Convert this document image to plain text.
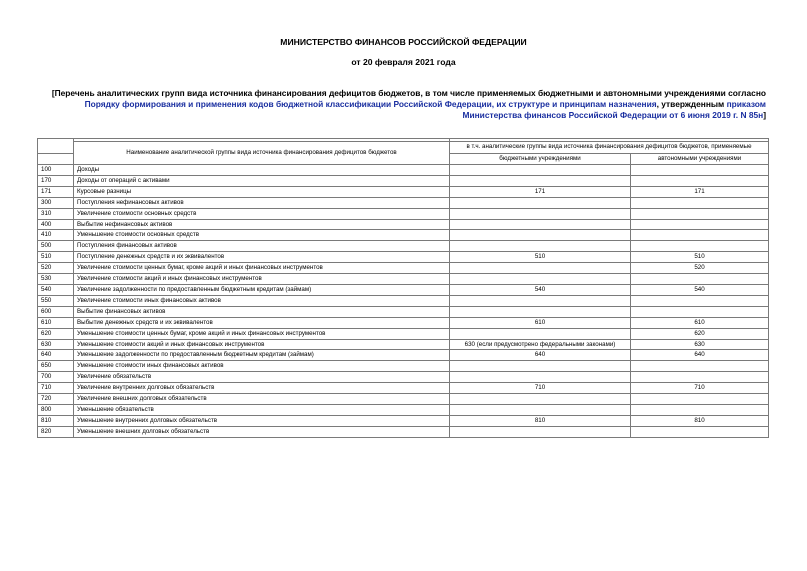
МИНИСТЕРСТВО ФИНАНСОВ РОССИЙСКОЙ ФЕДЕРАЦИИ
от 20 февраля 2021 года
[Перечень аналитических групп вида источника финансирования дефицитов бюджетов, в том числе применяемых бюджетными и автономными учреждениями согласно Порядку формирования и применения кодов бюджетной классификации Российской Федерации, их структуре и принципам назначения, утвержденным приказом Министерства финансов Российской Федерации от 6 июня 2019 г. N 85н]

	Наименование аналитической группы вида источника финансирования дефицитов бюджетов	в т.ч. аналитические группы вида источника финансирования дефицитов бюджетов, применяемые	
		бюджетными учреждениями	автономными учреждениями
100	Доходы		
170	Доходы от операций с активами		
171	Курсовые разницы	171	171
300	Поступления нефинансовых активов		
310	Увеличение стоимости основных средств		
400	Выбытие нефинансовых активов		
410	Уменьшение стоимости основных средств		
500	Поступления финансовых активов		
510	Поступление денежных средств и их эквивалентов	510	510
520	Увеличение стоимости ценных бумаг, кроме акций и иных финансовых инструментов		520
530	Увеличение стоимости акций и иных финансовых инструментов		
540	Увеличение задолженности по предоставленным бюджетным кредитам (займам)	540	540
550	Увеличение стоимости иных финансовых активов		
600	Выбытие финансовых активов		
610	Выбытие денежных средств и их эквивалентов	610	610
620	Уменьшение стоимости ценных бумаг, кроме акций и иных финансовых инструментов		620
630	Уменьшение стоимости акций и иных финансовых инструментов	630 (если предусмотрено федеральными законами)	630
640	Уменьшение задолженности по предоставленным бюджетным кредитам (займам)	640	640
650	Уменьшение стоимости иных финансовых активов		
700	Увеличение обязательств		
710	Увеличение внутренних долговых обязательств	710	710
720	Увеличение внешних долговых обязательств		
800	Уменьшение обязательств		
810	Уменьшение внутренних долговых обязательств	810	810
820	Уменьшение внешних долговых обязательств		
